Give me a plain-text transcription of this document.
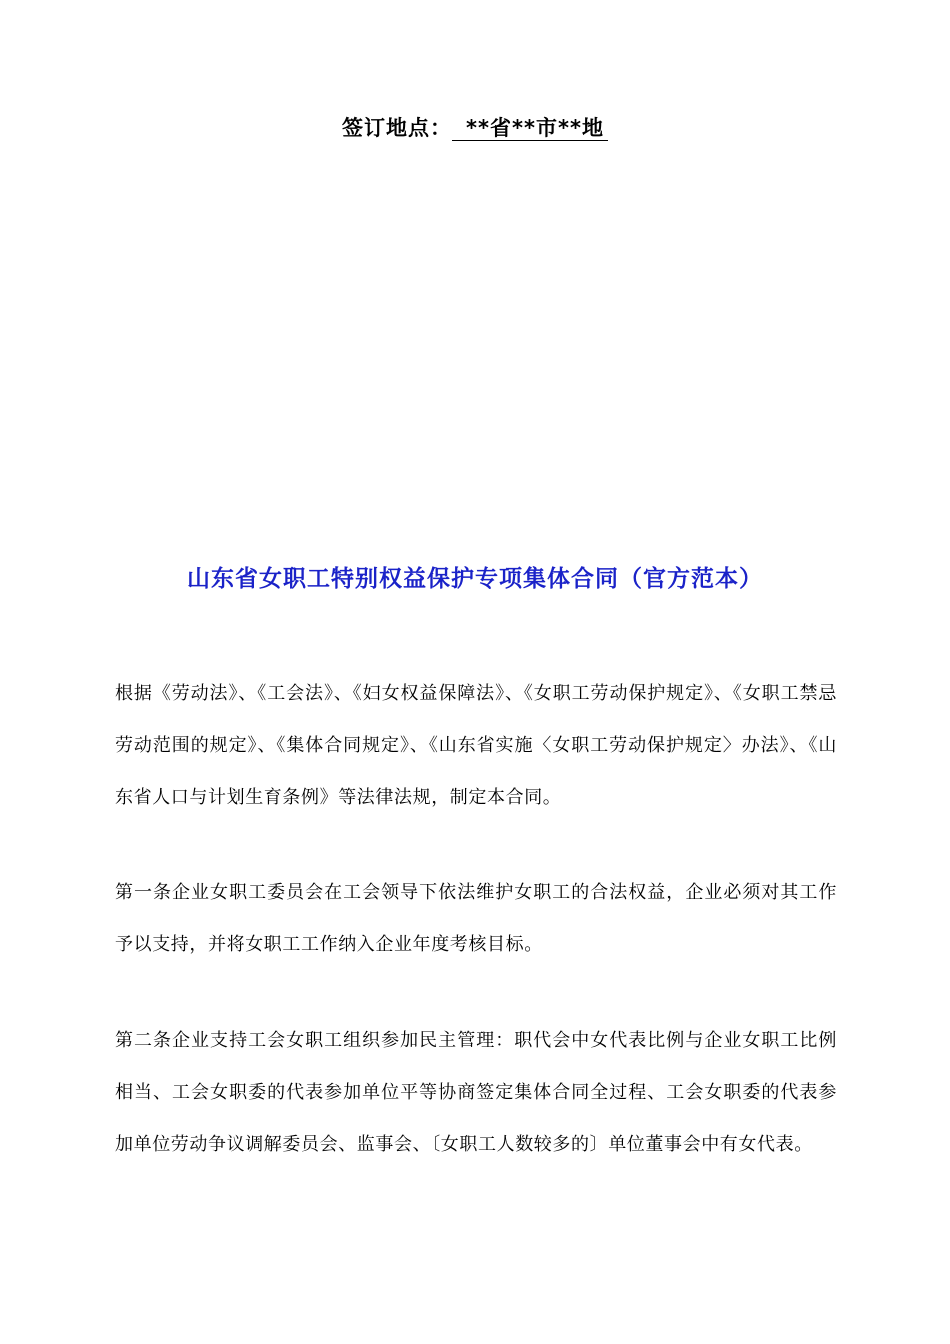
签订地点： **省**市**地
山东省女职工特别权益保护专项集体合同（官方范本）

根据《劳动法》、《工会法》、《妇女权益保障法》、《女职工劳动保护规定》、《女职工禁忌劳动范围的规定》、《集体合同规定》、《山东省实施〈女职工劳动保护规定〉办法》、《山东省人口与计划生育条例》等法律法规，制定本合同。

第一条企业女职工委员会在工会领导下依法维护女职工的合法权益，企业必须对其工作予以支持，并将女职工工作纳入企业年度考核目标。

第二条企业支持工会女职工组织参加民主管理：职代会中女代表比例与企业女职工比例相当、工会女职委的代表参加单位平等协商签定集体合同全过程、工会女职委的代表参加单位劳动争议调解委员会、监事会、〔女职工人数较多的〕单位董事会中有女代表。
